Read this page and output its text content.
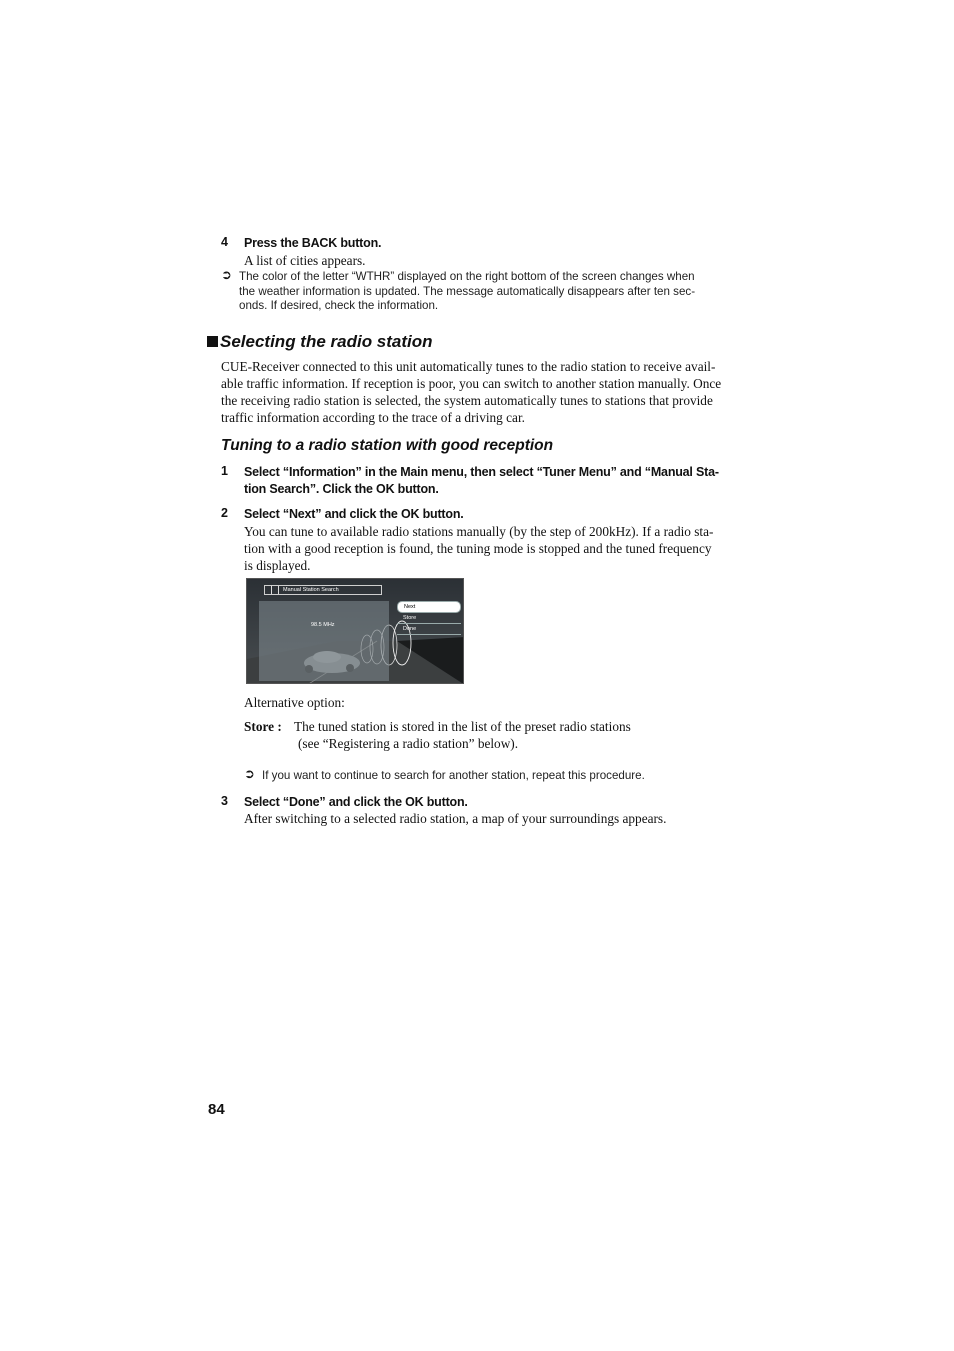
4 Press the BACK button.
A list of cities appears.
➲ The color of the letter “WTHR” displayed on the right bottom of the screen changes when
the weather information is updated. The message automatically disappears after ten sec-
onds. If desired, check the information.
Selecting the radio station
CUE-Receiver connected to this unit automatically tunes to the radio station to receive avail-
able traffic information. If reception is poor, you can switch to another station manually. Once
the receiving radio station is selected, the system automatically tunes to stations that provide
traffic information according to the trace of a driving car.
Tuning to a radio station with good reception
1 Select “Information” in the Main menu, then select “Tuner Menu” and “Manual Sta-
tion Search”. Click the OK button.
2 Select “Next” and click the OK button.
You can tune to available radio stations manually (by the step of 200kHz). If a radio sta-
tion with a good reception is found, the tuning mode is stopped and the tuned frequency
is displayed.
Manual Station Search
98.5 MHz
Next
Store
Done
Alternative option:
Store : The tuned station is stored in the list of the preset radio stations
(see “Registering a radio station” below).
➲ If you want to continue to search for another station, repeat this procedure.
3 Select “Done” and click the OK button.
After switching to a selected radio station, a map of your surroundings appears.
84
